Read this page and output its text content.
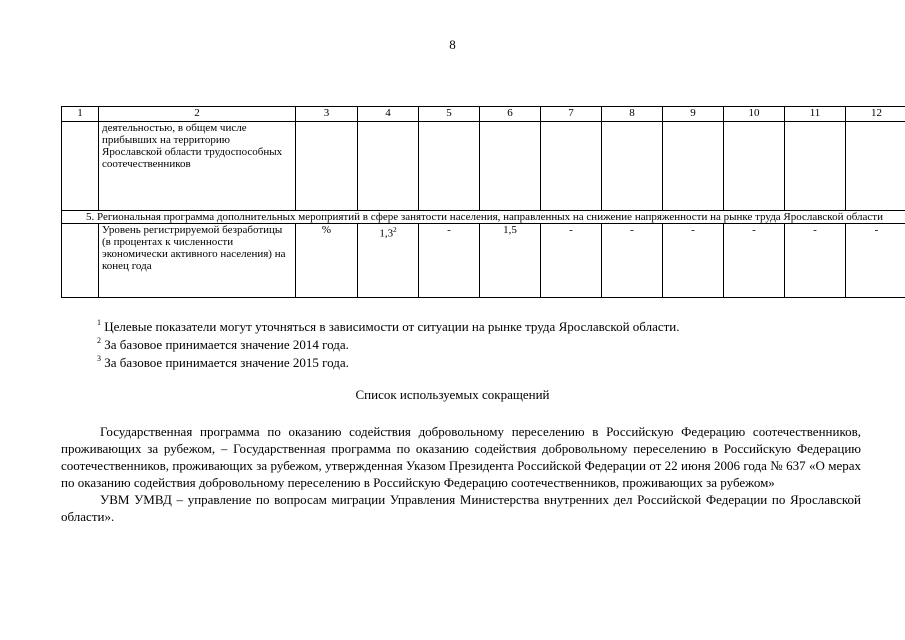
8
1	2	3	4	5	6	7	8	9	10	11	12
	деятельностью, в общем числе прибывших на территорию Ярославской области трудоспособных соотечественников										
5. Региональная программа дополнительных мероприятий в сфере занятости населения, направленных на снижение напряженности на рынке труда Ярославской области											
	Уровень регистрируемой безработицы (в процентах к численности экономически активного населения) на конец года	%	$1,3^2$	-	1,5	-	-	-	-	-	-
$^1$ Целевые показатели могут уточняться в зависимости от ситуации на рынке труда Ярославской области.
$^2$ За базовое принимается значение 2014 года.
$^3$ За базовое принимается значение 2015 года.
Список используемых сокращений

Государственная программа по оказанию содействия добровольному переселению в Российскую Федерацию соотечественников, проживающих за рубежом, – Государственная программа по оказанию содействия добровольному переселению в Российскую Федерацию соотечественников, проживающих за рубежом, утвержденная Указом Президента Российской Федерации от 22 июня 2006 года № 637 «О мерах по оказанию содействия добровольному переселению в Российскую Федерацию соотечественников, проживающих за рубежом»

УВМ УМВД – управление по вопросам миграции Управления Министерства внутренних дел Российской Федерации по Ярославской области».
